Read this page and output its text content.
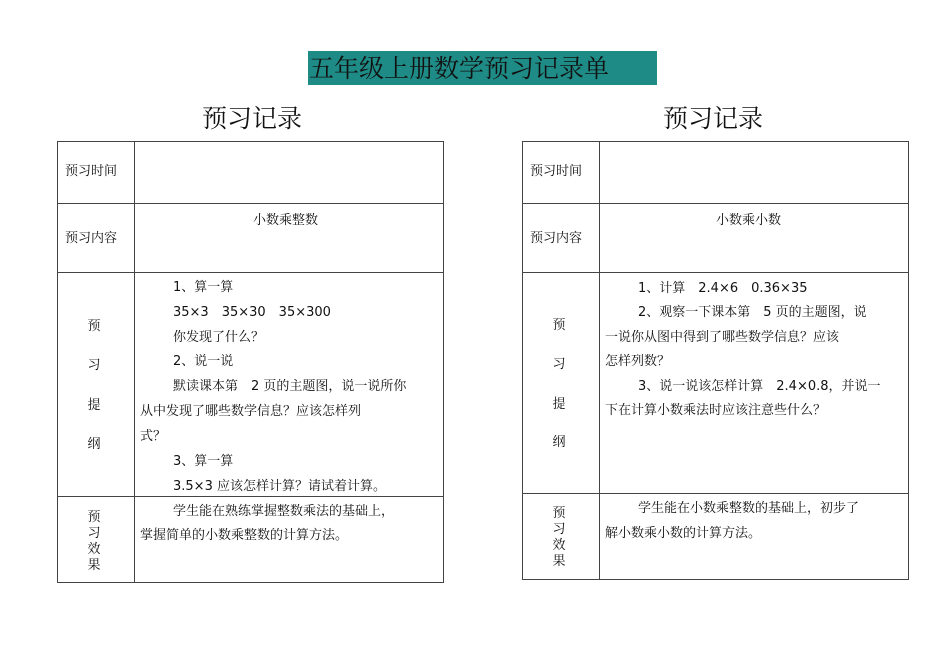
五年级上册数学预习记录单
预习记录	预习记录
预习时间
预习内容
小数乘整数
预
习
提
纲
1、算一算
35×3　35×30　35×300
你发现了什么？
2、说一说
默读课本第　2 页的主题图，说一说所你
从中发现了哪些数学信息？应该怎样列
式？
3、算一算
3.5×3 应该怎样计算？请试着计算。
预
习
效
果
学生能在熟练掌握整数乘法的基础上，
掌握简单的小数乘整数的计算方法。
预习时间
预习内容
小数乘小数
预
习
提
纲
1、计算　2.4×6　0.36×35
2、观察一下课本第　5 页的主题图，说
一说你从图中得到了哪些数学信息？应该
怎样列数？
3、说一说该怎样计算　2.4×0.8，并说一
下在计算小数乘法时应该注意些什么？
预
习
效
果
学生能在小数乘整数的基础上，初步了
解小数乘小数的计算方法。
